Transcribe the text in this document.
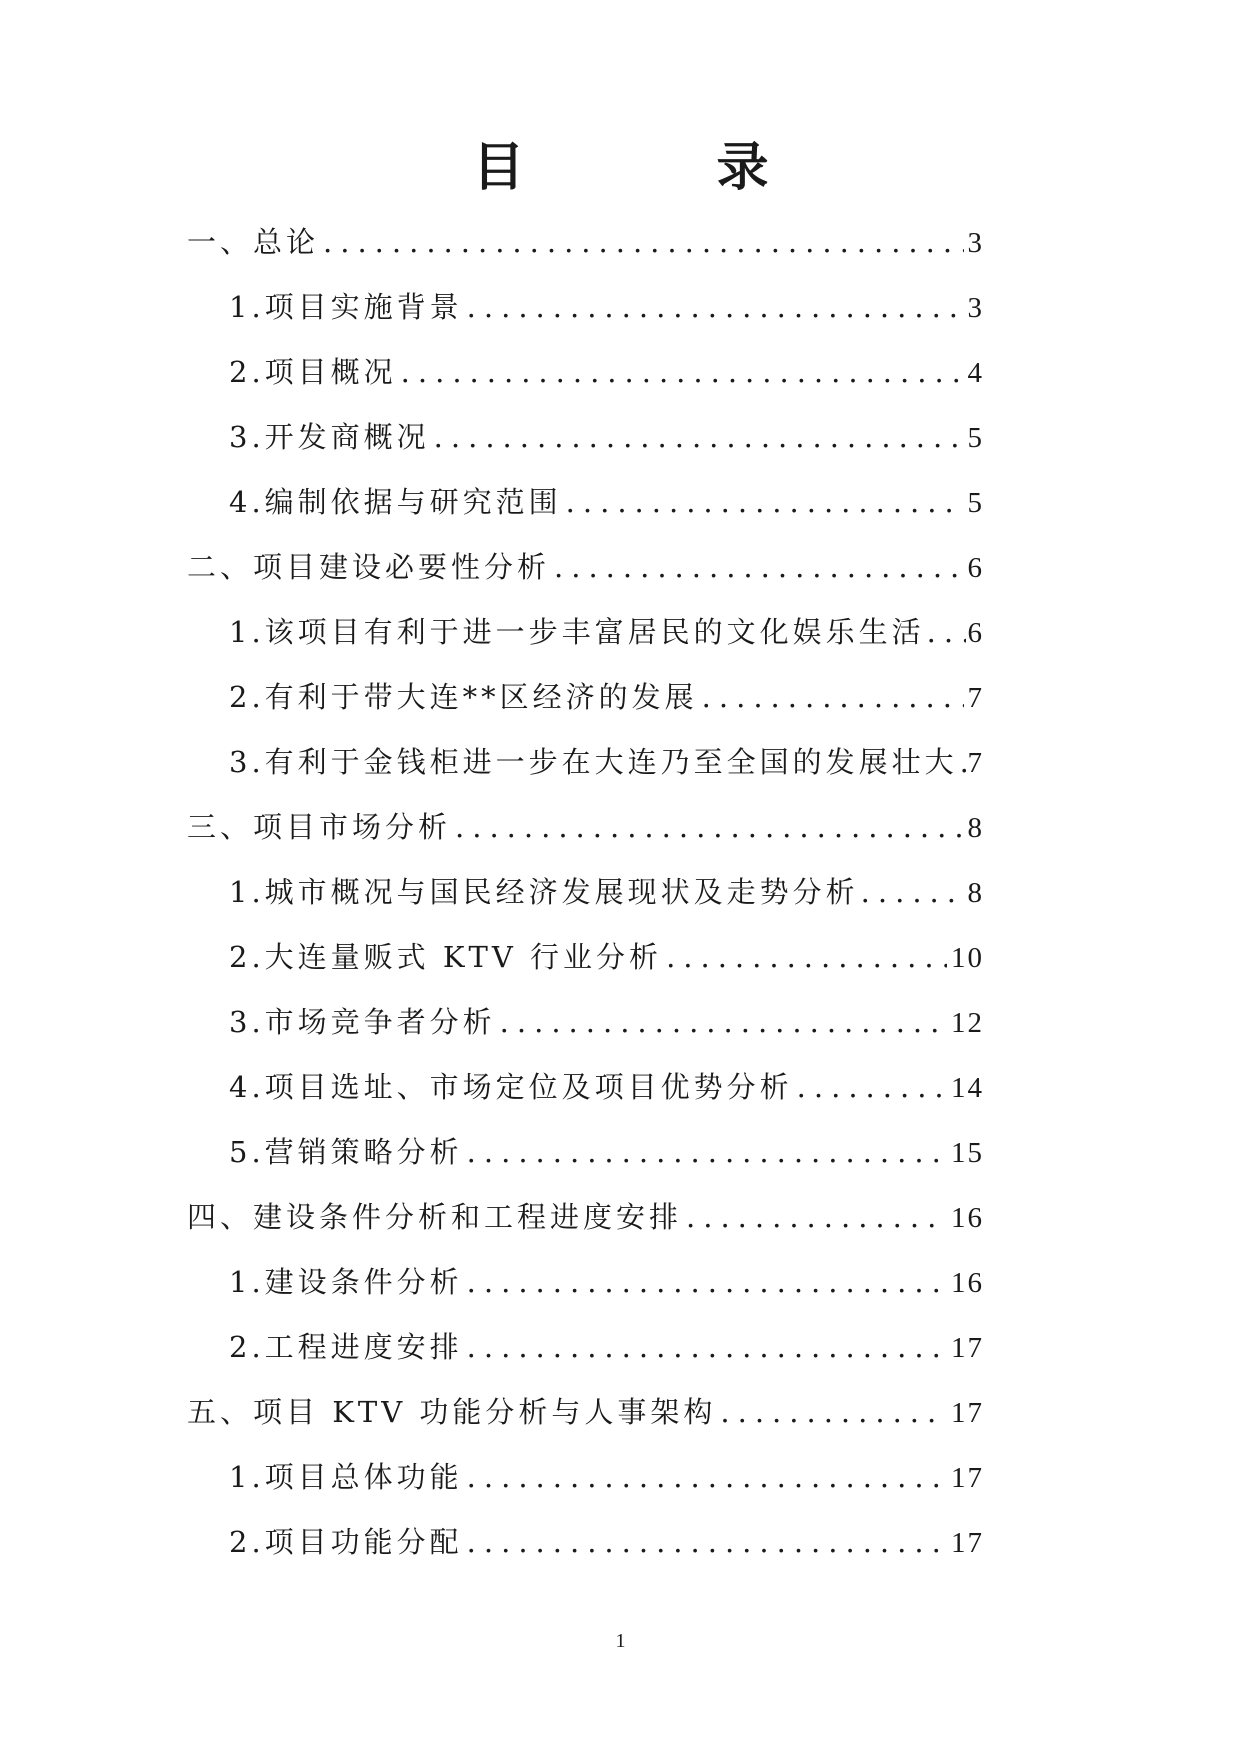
目　录
一、总论 .....	3
1.项目实施背景 .....	3
2.项目概况 .....	4
3.开发商概况 .....	5
4.编制依据与研究范围 .....	5
二、项目建设必要性分析 .....	6
1.该项目有利于进一步丰富居民的文化娱乐生活 ..... 6
2.有利于带大连**区经济的发展 .....	7
3.有利于金钱柜进一步在大连乃至全国的发展壮大 ..... 7
三、项目市场分析 .....	8
1.城市概况与国民经济发展现状及走势分析 .....	8
2.大连量贩式 KTV 行业分析 .....	10
3.市场竞争者分析 .....	12
4.项目选址、市场定位及项目优势分析 .....	14
5.营销策略分析 .....	15
四、建设条件分析和工程进度安排 .....	16
1.建设条件分析 .....	16
2.工程进度安排 .....	17
五、项目 KTV 功能分析与人事架构 .....	17
1.项目总体功能 .....	17
2.项目功能分配 .....	17
1
